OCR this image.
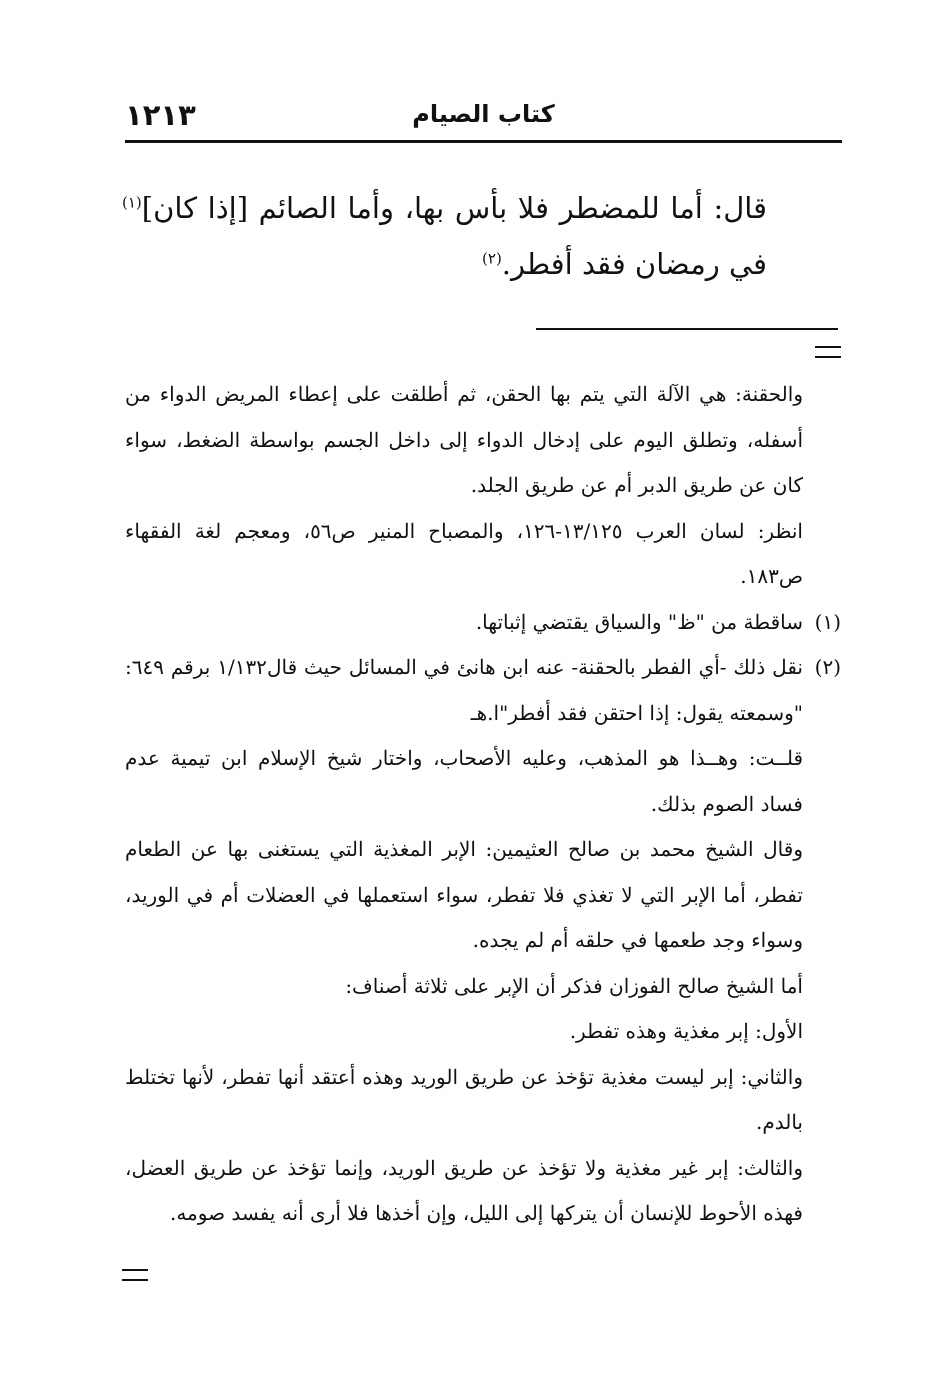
كتاب الصيام
١٢١٣
قال: أما للمضطر فلا بأس بها، وأما الصائم [إذا كان]$^{(١)}$ في رمضان فقد أفطر.$^{(٢)}$

والحقنة: هي الآلة التي يتم بها الحقن، ثم أطلقت على إعطاء المريض الدواء من أسفله، وتطلق اليوم على إدخال الدواء إلى داخل الجسم بواسطة الضغط، سواء كان عن طريق الدبر أم عن طريق الجلد.

انظر: لسان العرب ١٣/١٢٥-١٢٦، والمصباح المنير ص٥٦، ومعجم لغة الفقهاء ص١٨٣.

(١)

ساقطة من "ظ" والسياق يقتضي إثباتها.

(٢)

نقل ذلك -أي الفطر بالحقنة- عنه ابن هانئ في المسائل حيث قال١/١٣٢ برقم ٦٤٩: "وسمعته يقول: إذا احتقن فقد أفطر"ا.هـ

قلــت: وهــذا هو المذهب، وعليه الأصحاب، واختار شيخ الإسلام ابن تيمية عدم فساد الصوم بذلك.

وقال الشيخ محمد بن صالح العثيمين: الإبر المغذية التي يستغنى بها عن الطعام تفطر، أما الإبر التي لا تغذي فلا تفطر، سواء استعملها في العضلات أم في الوريد، وسواء وجد طعمها في حلقه أم لم يجده.

أما الشيخ صالح الفوزان فذكر أن الإبر على ثلاثة أصناف:

الأول: إبر مغذية وهذه تفطر.

والثاني: إبر ليست مغذية تؤخذ عن طريق الوريد وهذه أعتقد أنها تفطر، لأنها تختلط بالدم.

والثالث: إبر غير مغذية ولا تؤخذ عن طريق الوريد، وإنما تؤخذ عن طريق العضل، فهذه الأحوط للإنسان أن يتركها إلى الليل، وإن أخذها فلا أرى أنه يفسد صومه.
